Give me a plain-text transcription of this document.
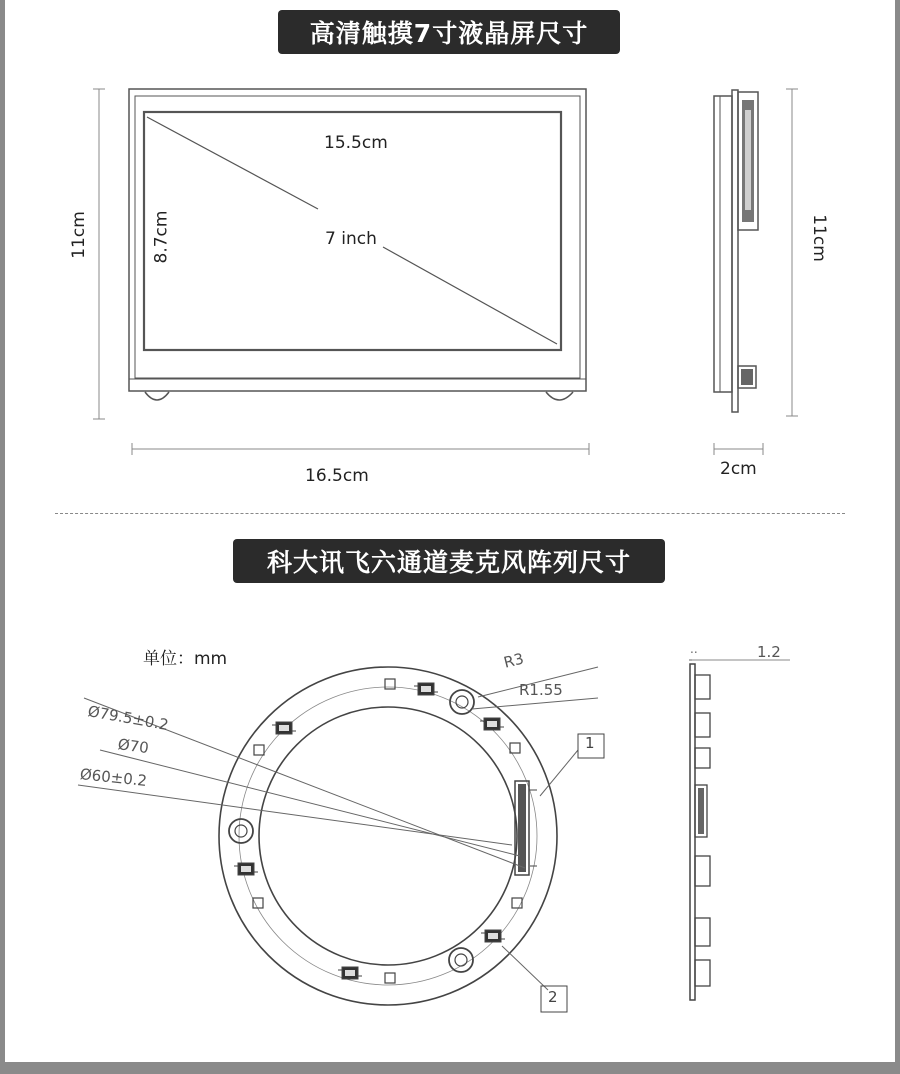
高清触摸7寸液晶屏尺寸
科大讯飞六通道麦克风阵列尺寸
15.5cm
7 inch
8.7cm
11cm
16.5cm
11cm
2cm
单位：mm
Ø79.5±0.2
Ø70
Ø60±0.2
R3
R1.55
1
2
..	1.2
